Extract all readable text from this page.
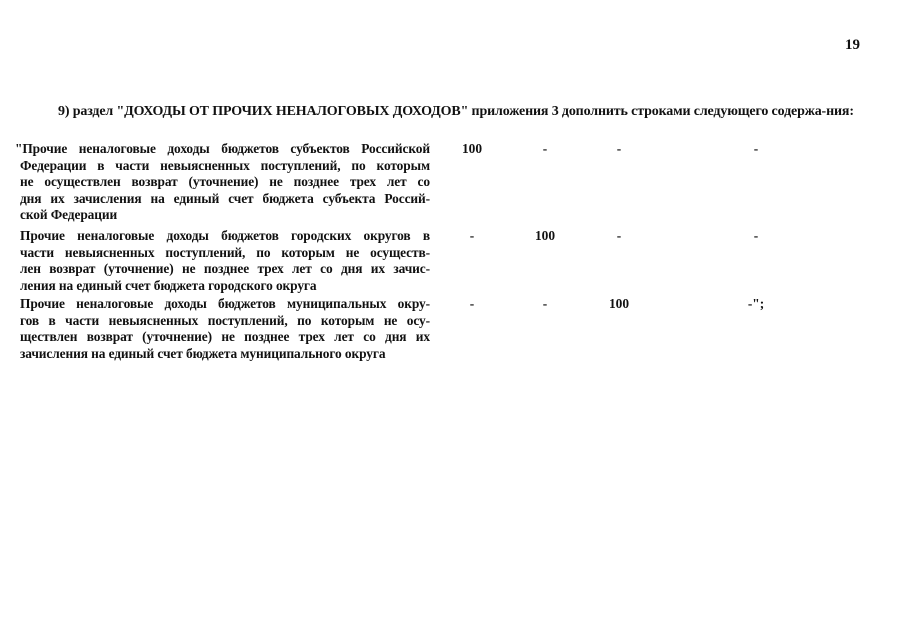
19
9) раздел "ДОХОДЫ ОТ ПРОЧИХ НЕНАЛОГОВЫХ ДОХОДОВ" приложения 3 дополнить строками следующего содержа-ния:
"Прочие неналоговые доходы бюджетов субъектов Российской
Федерации в части невыясненных поступлений, по которым
не осуществлен возврат (уточнение) не позднее трех лет со
дня их зачисления на единый счет бюджета субъекта Россий-
ской Федерации
100	-	-	-
Прочие неналоговые доходы бюджетов городских округов в
части невыясненных поступлений, по которым не осуществ-
лен возврат (уточнение) не позднее трех лет со дня их зачис-
ления на единый счет бюджета городского округа
-	100	-	-
Прочие неналоговые доходы бюджетов муниципальных окру-
гов в части невыясненных поступлений, по которым не осу-
ществлен возврат (уточнение) не позднее трех лет со дня их
зачисления на единый счет бюджета муниципального округа
-	-	100	-";
